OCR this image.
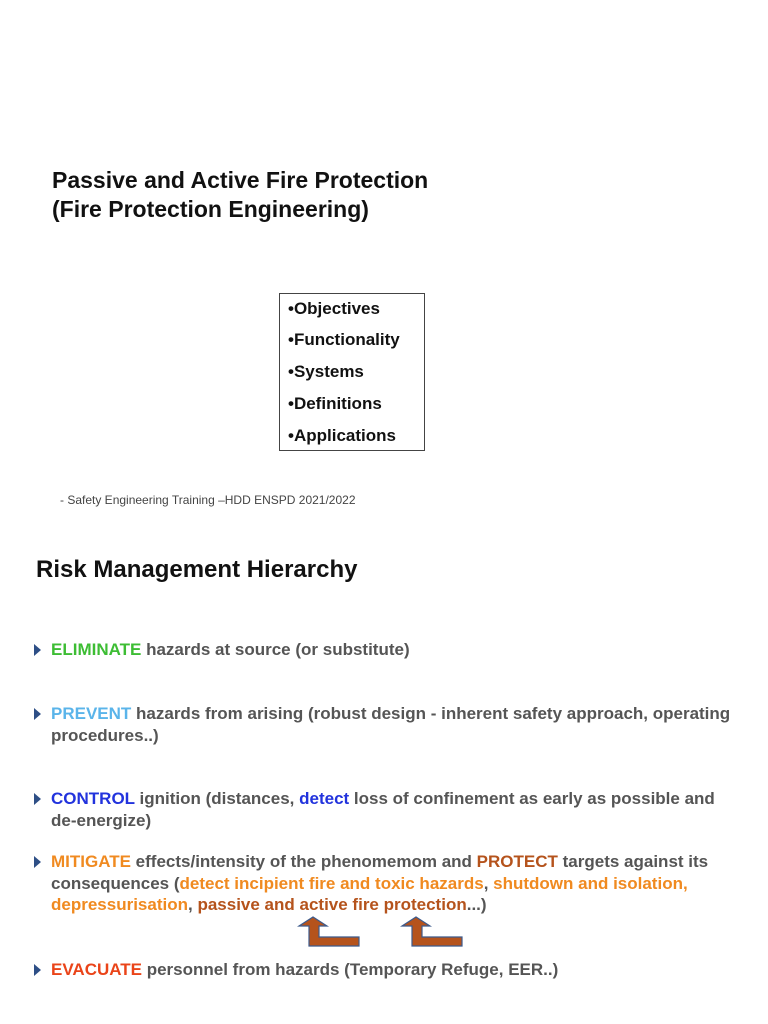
Passive and Active Fire Protection
(Fire Protection Engineering)
•Objectives
•Functionality
•Systems
•Definitions
•Applications
- Safety Engineering Training –HDD ENSPD 2021/2022
Risk Management Hierarchy
ELIMINATE hazards at source (or substitute)
PREVENT hazards from arising (robust design - inherent safety approach, operating procedures..)
CONTROL ignition (distances, detect loss of confinement as early as possible and de-energize)
MITIGATE effects/intensity of the phenomemom and PROTECT targets against its consequences (detect incipient fire and toxic hazards, shutdown and isolation, depressurisation, passive and active fire protection...)
EVACUATE personnel from hazards (Temporary Refuge, EER..)
